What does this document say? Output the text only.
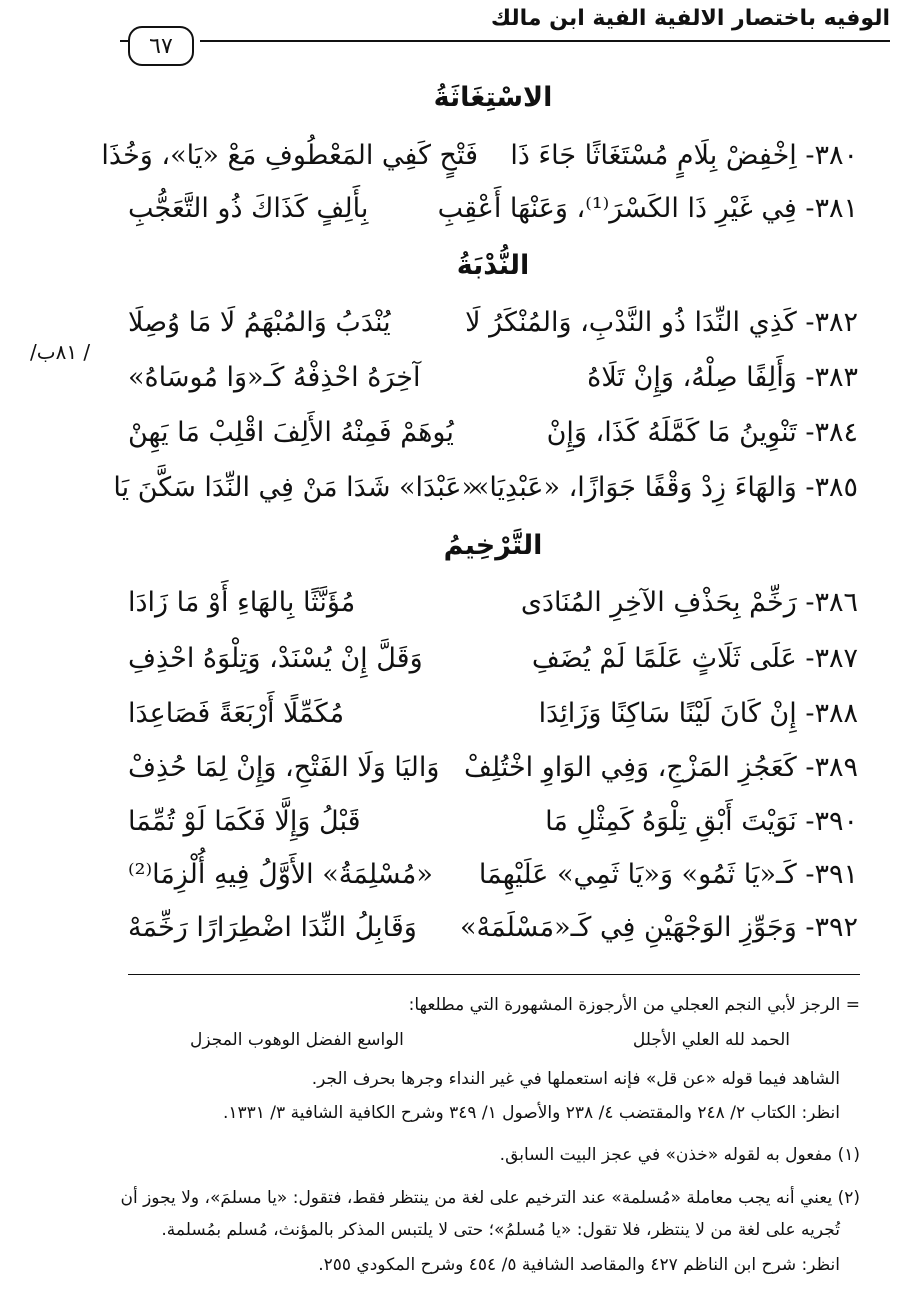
الوفيه باختصار الالفية الفية ابن مالك
٦٧
الاسْتِغَاثَةُ
٣٨٠- اِخْفِضْ بِلَامٍ مُسْتَغَاثًا جَاءَ ذَا
فَتْحٍ كَفِي المَعْطُوفِ مَعْ «يَا»، وَخُذَا
٣٨١- فِي غَيْرِ ذَا الكَسْرَ⁽¹⁾، وَعَنْهَا أَعْقِبِ
بِأَلِفٍ كَذَاكَ ذُو التَّعَجُّبِ
النُّدْبَةُ
٣٨٢- كَذِي النِّدَا ذُو النَّدْبِ، وَالمُنْكَرُ لَا
يُنْدَبُ وَالمُبْهَمُ لَا مَا وُصِلَا
٣٨٣- وَأَلِفًا صِلْهُ، وَإِنْ تَلَاهُ
آخِرَهُ احْذِفْهُ كَـ«وَا مُوسَاهُ»
٣٨٤- تَنْوِينُ مَا كَمَّلَهُ كَذَا، وَإِنْ
يُوهَمْ فَمِنْهُ الأَلِفَ اقْلِبْ مَا يَهِنْ
٣٨٥- وَالهَاءَ زِدْ وَقْفًا جَوَازًا، «عَبْدِيَا»
«عَبْدَا» شَدَا مَنْ فِي النِّدَا سَكَّنَ يَا
/ ٨١ب/
التَّرْخِيمُ
٣٨٦- رَخِّمْ بِحَذْفِ الآخِرِ المُنَادَى
مُؤَنَّثًا بِالهَاءِ أَوْ مَا زَادَا
٣٨٧- عَلَى ثَلَاثٍ عَلَمًا لَمْ يُضَفِ
وَقَلَّ إِنْ يُسْنَدْ، وَتِلْوَهُ احْذِفِ
٣٨٨- إِنْ كَانَ لَيْنًا سَاكِنًا وَزَائِدَا
مُكَمِّلًا أَرْبَعَةً فَصَاعِدَا
٣٨٩- كَعَجُزِ المَزْجِ، وَفِي الوَاوِ اخْتُلِفْ
وَاليَا وَلَا الفَتْحِ، وَإِنْ لِمَا حُذِفْ
٣٩٠- نَوَيْتَ أَبْقِ تِلْوَهُ كَمِثْلِ مَا
قَبْلُ وَإِلَّا فَكَمَا لَوْ تُمِّمَا
٣٩١- كَـ«يَا ثَمُو» وَ«يَا ثَمِي» عَلَيْهِمَا
«مُسْلِمَةُ» الأَوَّلُ فِيهِ أُلْزِمَا⁽²⁾
٣٩٢- وَجَوِّزِ الوَجْهَيْنِ فِي كَـ«مَسْلَمَهْ»
وَقَابِلُ النِّدَا اضْطِرَارًا رَخِّمَهْ
= الرجز لأبي النجم العجلي من الأرجوزة المشهورة التي مطلعها:
الحمد لله العلي الأجلل
الواسع الفضل الوهوب المجزل
الشاهد فيما قوله «عن قل» فإنه استعملها في غير النداء وجرها بحرف الجر.
انظر: الكتاب ٢/ ٢٤٨ والمقتضب ٤/ ٢٣٨ والأصول ١/ ٣٤٩ وشرح الكافية الشافية ٣/ ١٣٣١.
(١) مفعول به لقوله «خذن» في عجز البيت السابق.
(٢) يعني أنه يجب معاملة «مُسلمة» عند الترخيم على لغة من ينتظر فقط، فتقول: «يا مسلمَ»، ولا يجوز أن
تُجريه على لغة من لا ينتظر، فلا تقول: «يا مُسلمُ»؛ حتى لا يلتبس المذكر بالمؤنث، مُسلم بمُسلمة.
انظر: شرح ابن الناظم ٤٢٧ والمقاصد الشافية ٥/ ٤٥٤ وشرح المكودي ٢٥٥.
